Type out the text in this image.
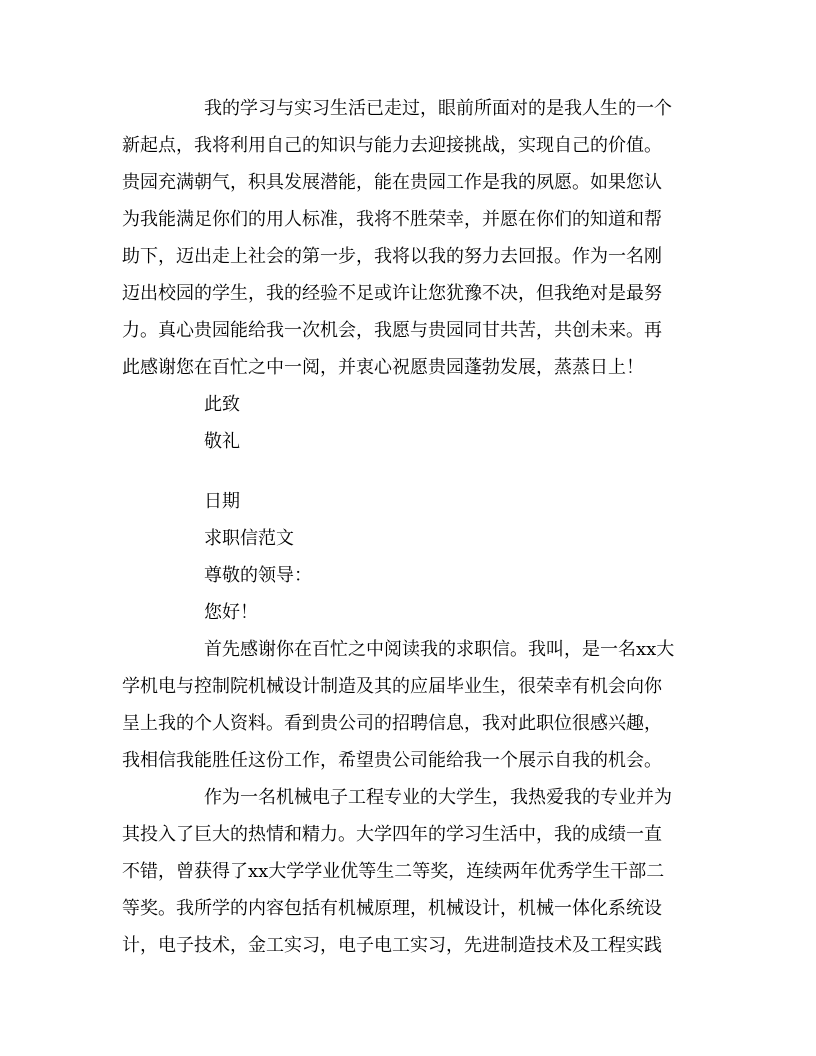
我的学习与实习生活已走过，眼前所面对的是我人生的一个
新起点，我将利用自己的知识与能力去迎接挑战，实现自己的价值。
贵园充满朝气，积具发展潜能，能在贵园工作是我的夙愿。如果您认
为我能满足你们的用人标准，我将不胜荣幸，并愿在你们的知道和帮
助下，迈出走上社会的第一步，我将以我的努力去回报。作为一名刚
迈出校园的学生，我的经验不足或许让您犹豫不决，但我绝对是最努
力。真心贵园能给我一次机会，我愿与贵园同甘共苦，共创未来。再
此感谢您在百忙之中一阅，并衷心祝愿贵园蓬勃发展，蒸蒸日上！
此致
敬礼
日期
求职信范文
尊敬的领导：
您好！
首先感谢你在百忙之中阅读我的求职信。我叫，是一名xx大
学机电与控制院机械设计制造及其的应届毕业生，很荣幸有机会向你
呈上我的个人资料。看到贵公司的招聘信息，我对此职位很感兴趣，
我相信我能胜任这份工作，希望贵公司能给我一个展示自我的机会。
作为一名机械电子工程专业的大学生，我热爱我的专业并为
其投入了巨大的热情和精力。大学四年的学习生活中，我的成绩一直
不错，曾获得了xx大学学业优等生二等奖，连续两年优秀学生干部二
等奖。我所学的内容包括有机械原理，机械设计，机械一体化系统设
计，电子技术，金工实习，电子电工实习，先进制造技术及工程实践
